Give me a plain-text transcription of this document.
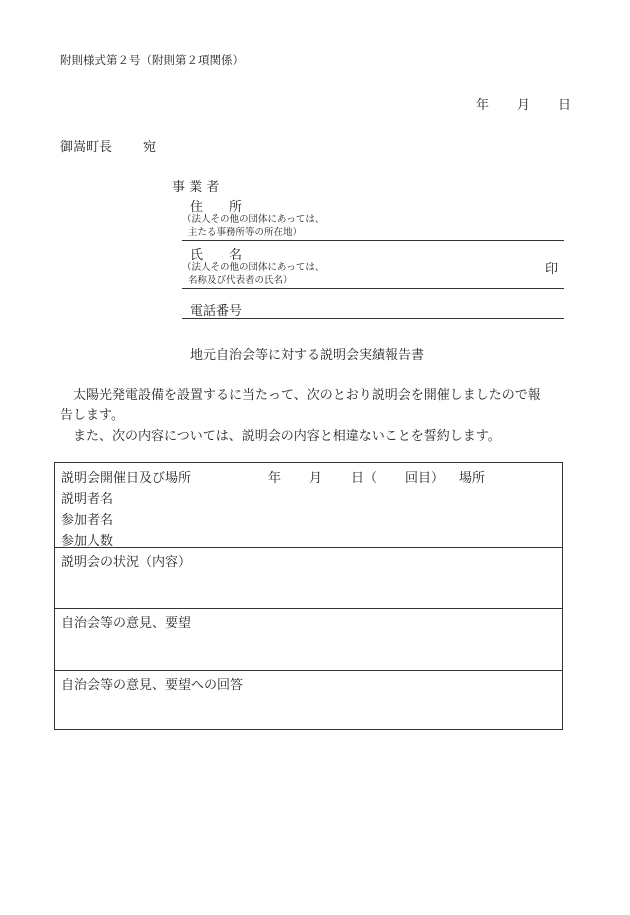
附則様式第２号（附則第２項関係）
年 月 日
御嵩町長 宛
事 業 者
住　　所
（法人その他の団体にあっては、
主たる事務所等の所在地）
氏　　名
（法人その他の団体にあっては、
名称及び代表者の氏名）
印
電話番号
地元自治会等に対する説明会実績報告書
　太陽光発電設備を設置するに当たって、次のとおり説明会を開催しましたので報
告します。
　また、次の内容については、説明会の内容と相違ないことを誓約します。
説明会開催日及び場所	年 月 日（ 回目） 場所
説明者名
参加者名
参加人数
説明会の状況（内容）
自治会等の意見、要望
自治会等の意見、要望への回答
